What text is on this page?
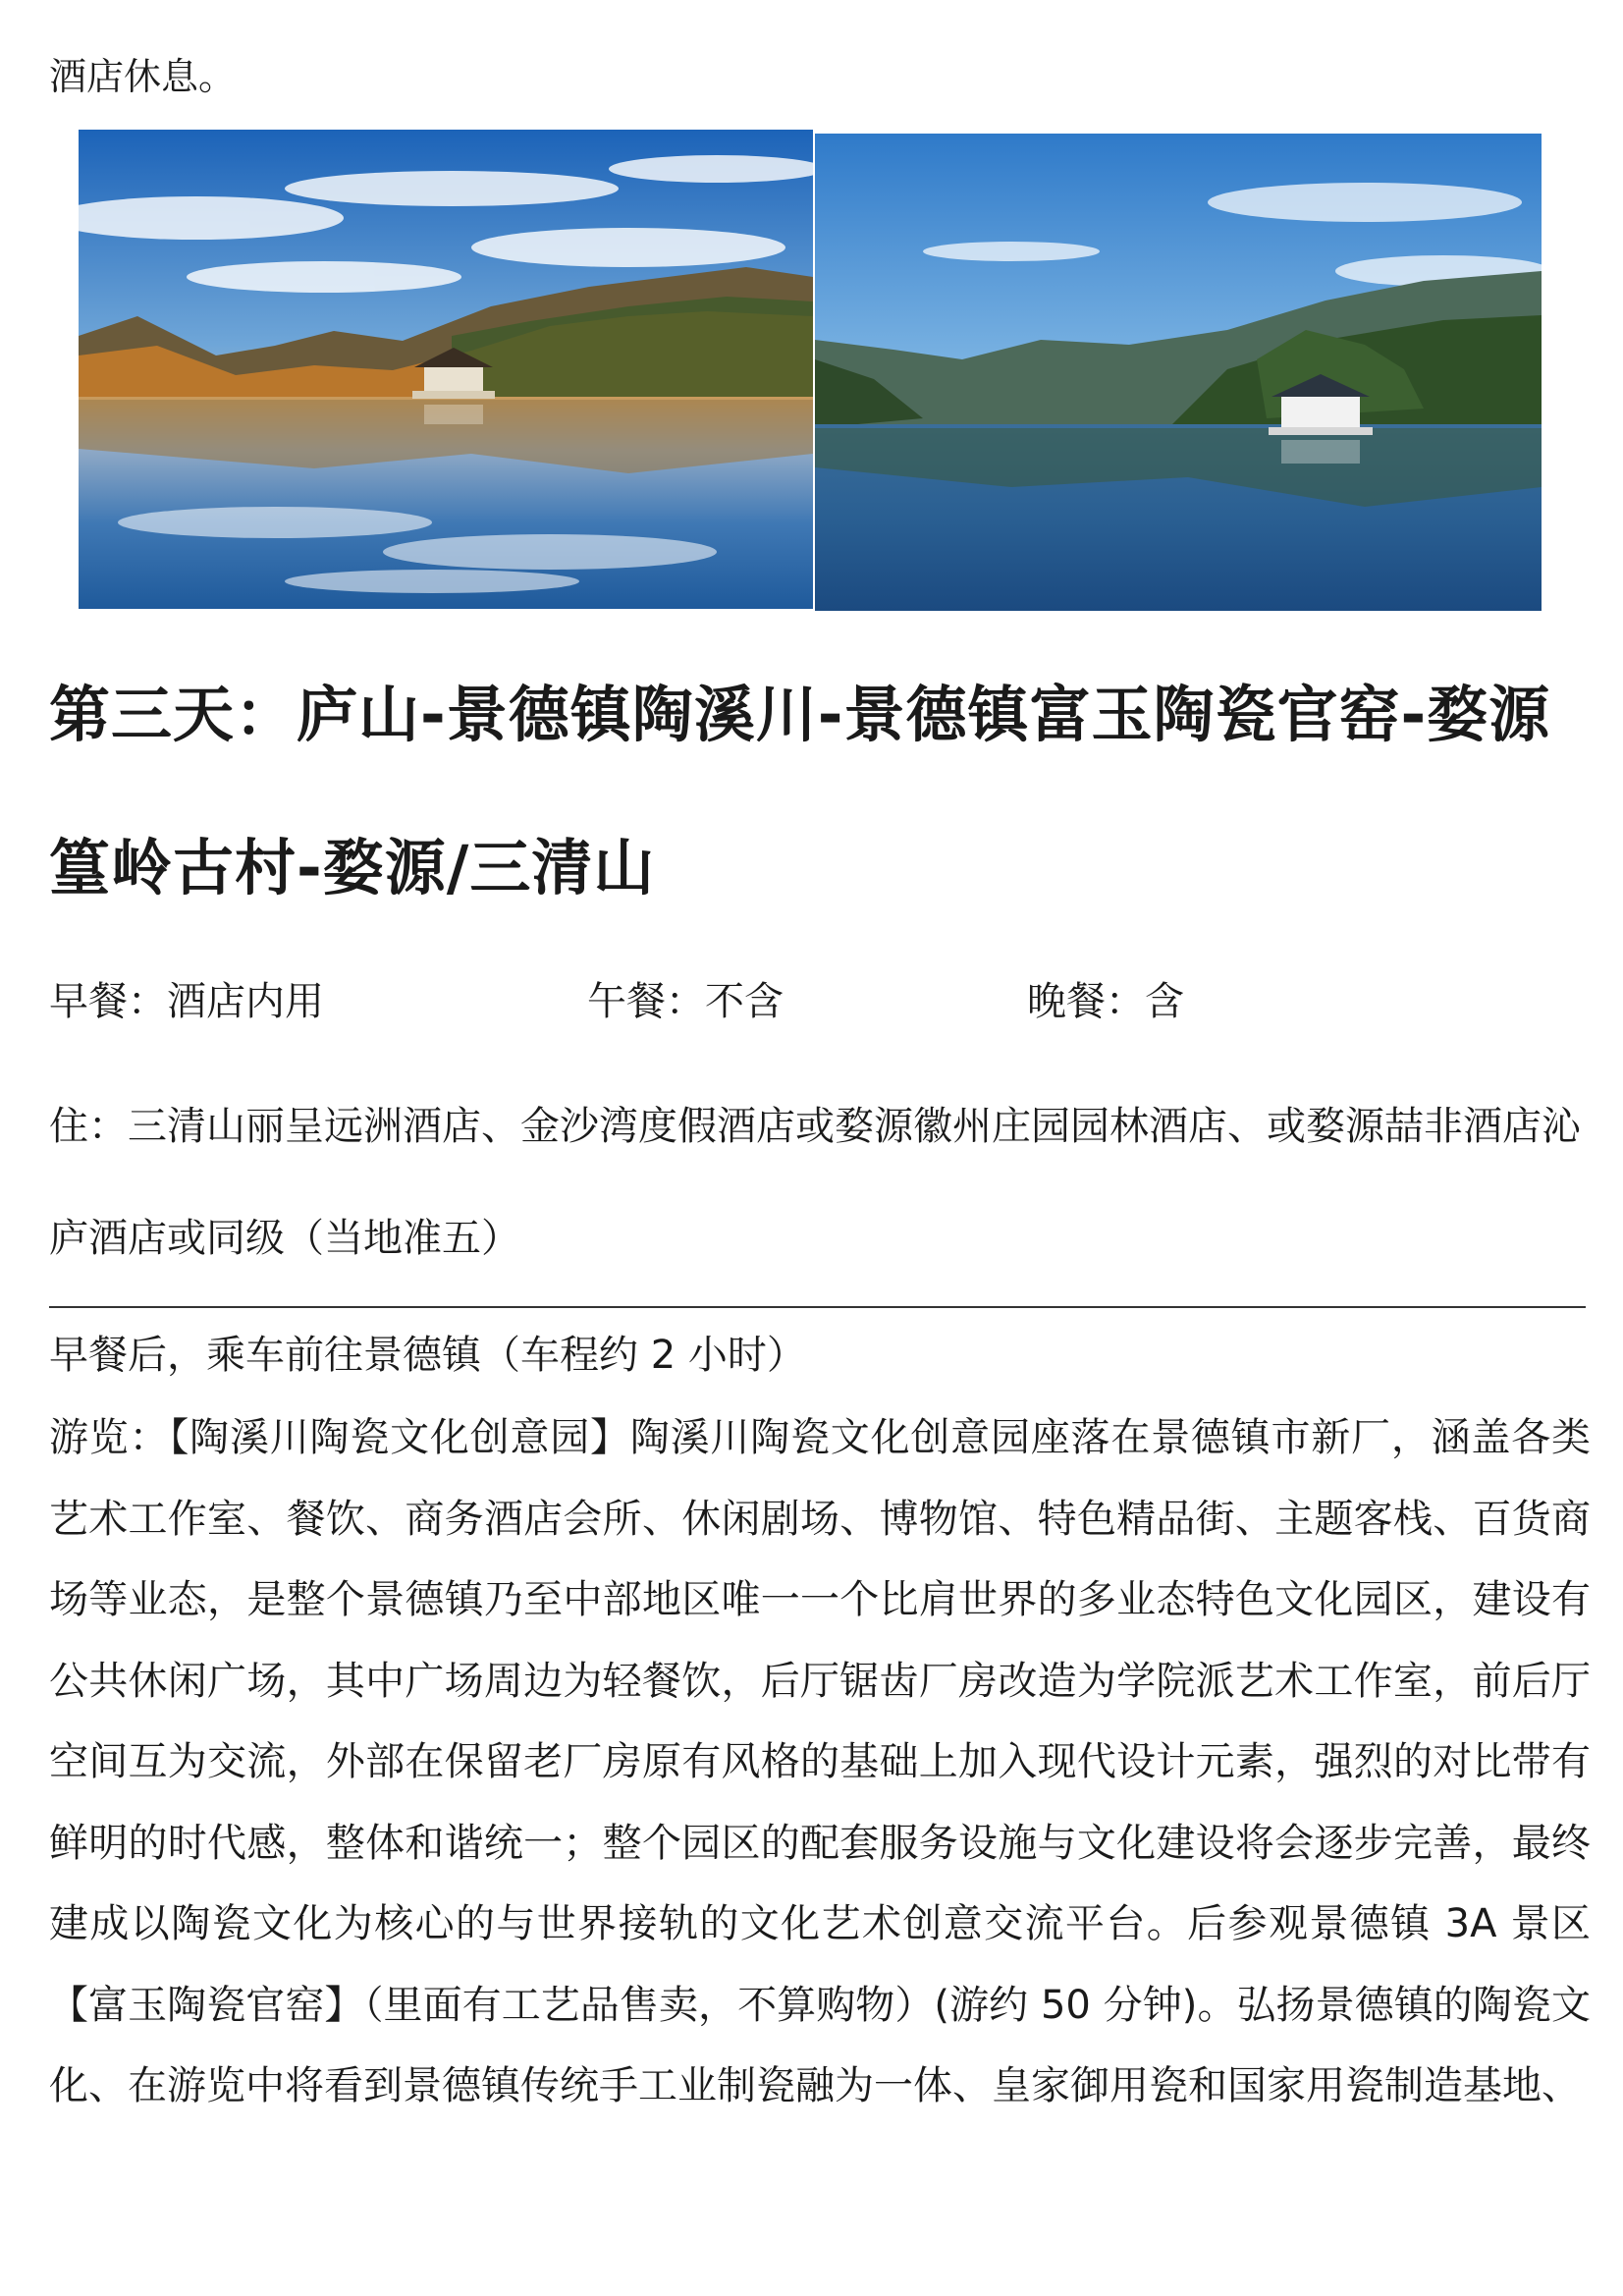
酒店休息。
第三天：庐山-景德镇陶溪川-景德镇富玉陶瓷官窑-婺源篁岭古村-婺源/三清山
早餐：酒店内用	午餐：不含	晚餐：含

住：三清山丽呈远洲酒店、金沙湾度假酒店或婺源徽州庄园园林酒店、或婺源喆非酒店沁庐酒店或同级（当地准五）

早餐后，乘车前往景德镇（车程约 2 小时）

游览：【陶溪川陶瓷文化创意园】陶溪川陶瓷文化创意园座落在景德镇市新厂，涵盖各类艺术工作室、餐饮、商务酒店会所、休闲剧场、博物馆、特色精品街、主题客栈、百货商场等业态，是整个景德镇乃至中部地区唯一一个比肩世界的多业态特色文化园区，建设有公共休闲广场，其中广场周边为轻餐饮，后厅锯齿厂房改造为学院派艺术工作室，前后厅空间互为交流，外部在保留老厂房原有风格的基础上加入现代设计元素，强烈的对比带有鲜明的时代感，整体和谐统一；整个园区的配套服务设施与文化建设将会逐步完善，最终建成以陶瓷文化为核心的与世界接轨的文化艺术创意交流平台。后参观景德镇 3A 景区【富玉陶瓷官窑】（里面有工艺品售卖，不算购物）(游约 50 分钟)。弘扬景德镇的陶瓷文化、在游览中将看到景德镇传统手工业制瓷融为一体、皇家御用瓷和国家用瓷制造基地、
